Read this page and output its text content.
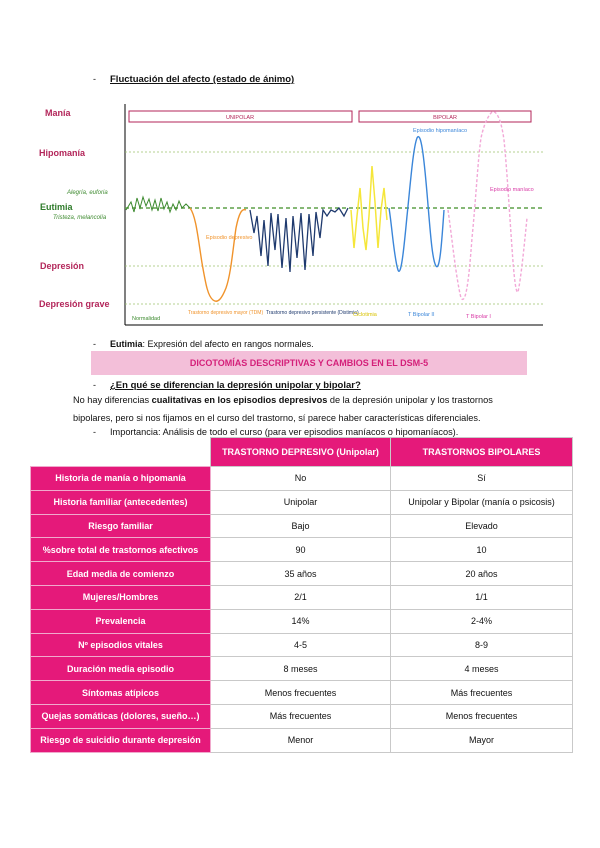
- Fluctuación del afecto (estado de ánimo)
Manía
Hipomanía
Eutimia
Depresión
Depresión grave
Alegría, euforia
Tristeza, melancolía
UNIPOLAR	BIPOLAR
Episodio depresivo
Episodio hipomaníaco
Episodio maníaco
Normalidad
Trastorno depresivo mayor (TDM) Trastorno depresivo persistente (Distimia)
Ciclotimia	T Bipolar II	T Bipolar I
- Eutimia: Expresión del afecto en rangos normales.
DICOTOMÍAS DESCRIPTIVAS Y CAMBIOS EN EL DSM-5
- ¿En qué se diferencian la depresión unipolar y bipolar?
No hay diferencias cualitativas en los episodios depresivos de la depresión unipolar y los trastornos
bipolares, pero si nos fijamos en el curso del trastorno, sí parece haber características diferenciales.
- Importancia: Análisis de todo el curso (para ver episodios maníacos o hipomaníacos).
	TRASTORNO DEPRESIVO (Unipolar)	TRASTORNOS BIPOLARES
Historia de manía o hipomanía	No	Sí
Historia familiar (antecedentes)	Unipolar	Unipolar y Bipolar (manía o psicosis)
Riesgo familiar	Bajo	Elevado
%sobre total de trastornos afectivos	90	10
Edad media de comienzo	35 años	20 años
Mujeres/Hombres	2/1	1/1
Prevalencia	14%	2-4%
Nº episodios vitales	4-5	8-9
Duración media episodio	8 meses	4 meses
Síntomas atípicos	Menos frecuentes	Más frecuentes
Quejas somáticas (dolores, sueño…)	Más frecuentes	Menos frecuentes
Riesgo de suicidio durante depresión	Menor	Mayor
